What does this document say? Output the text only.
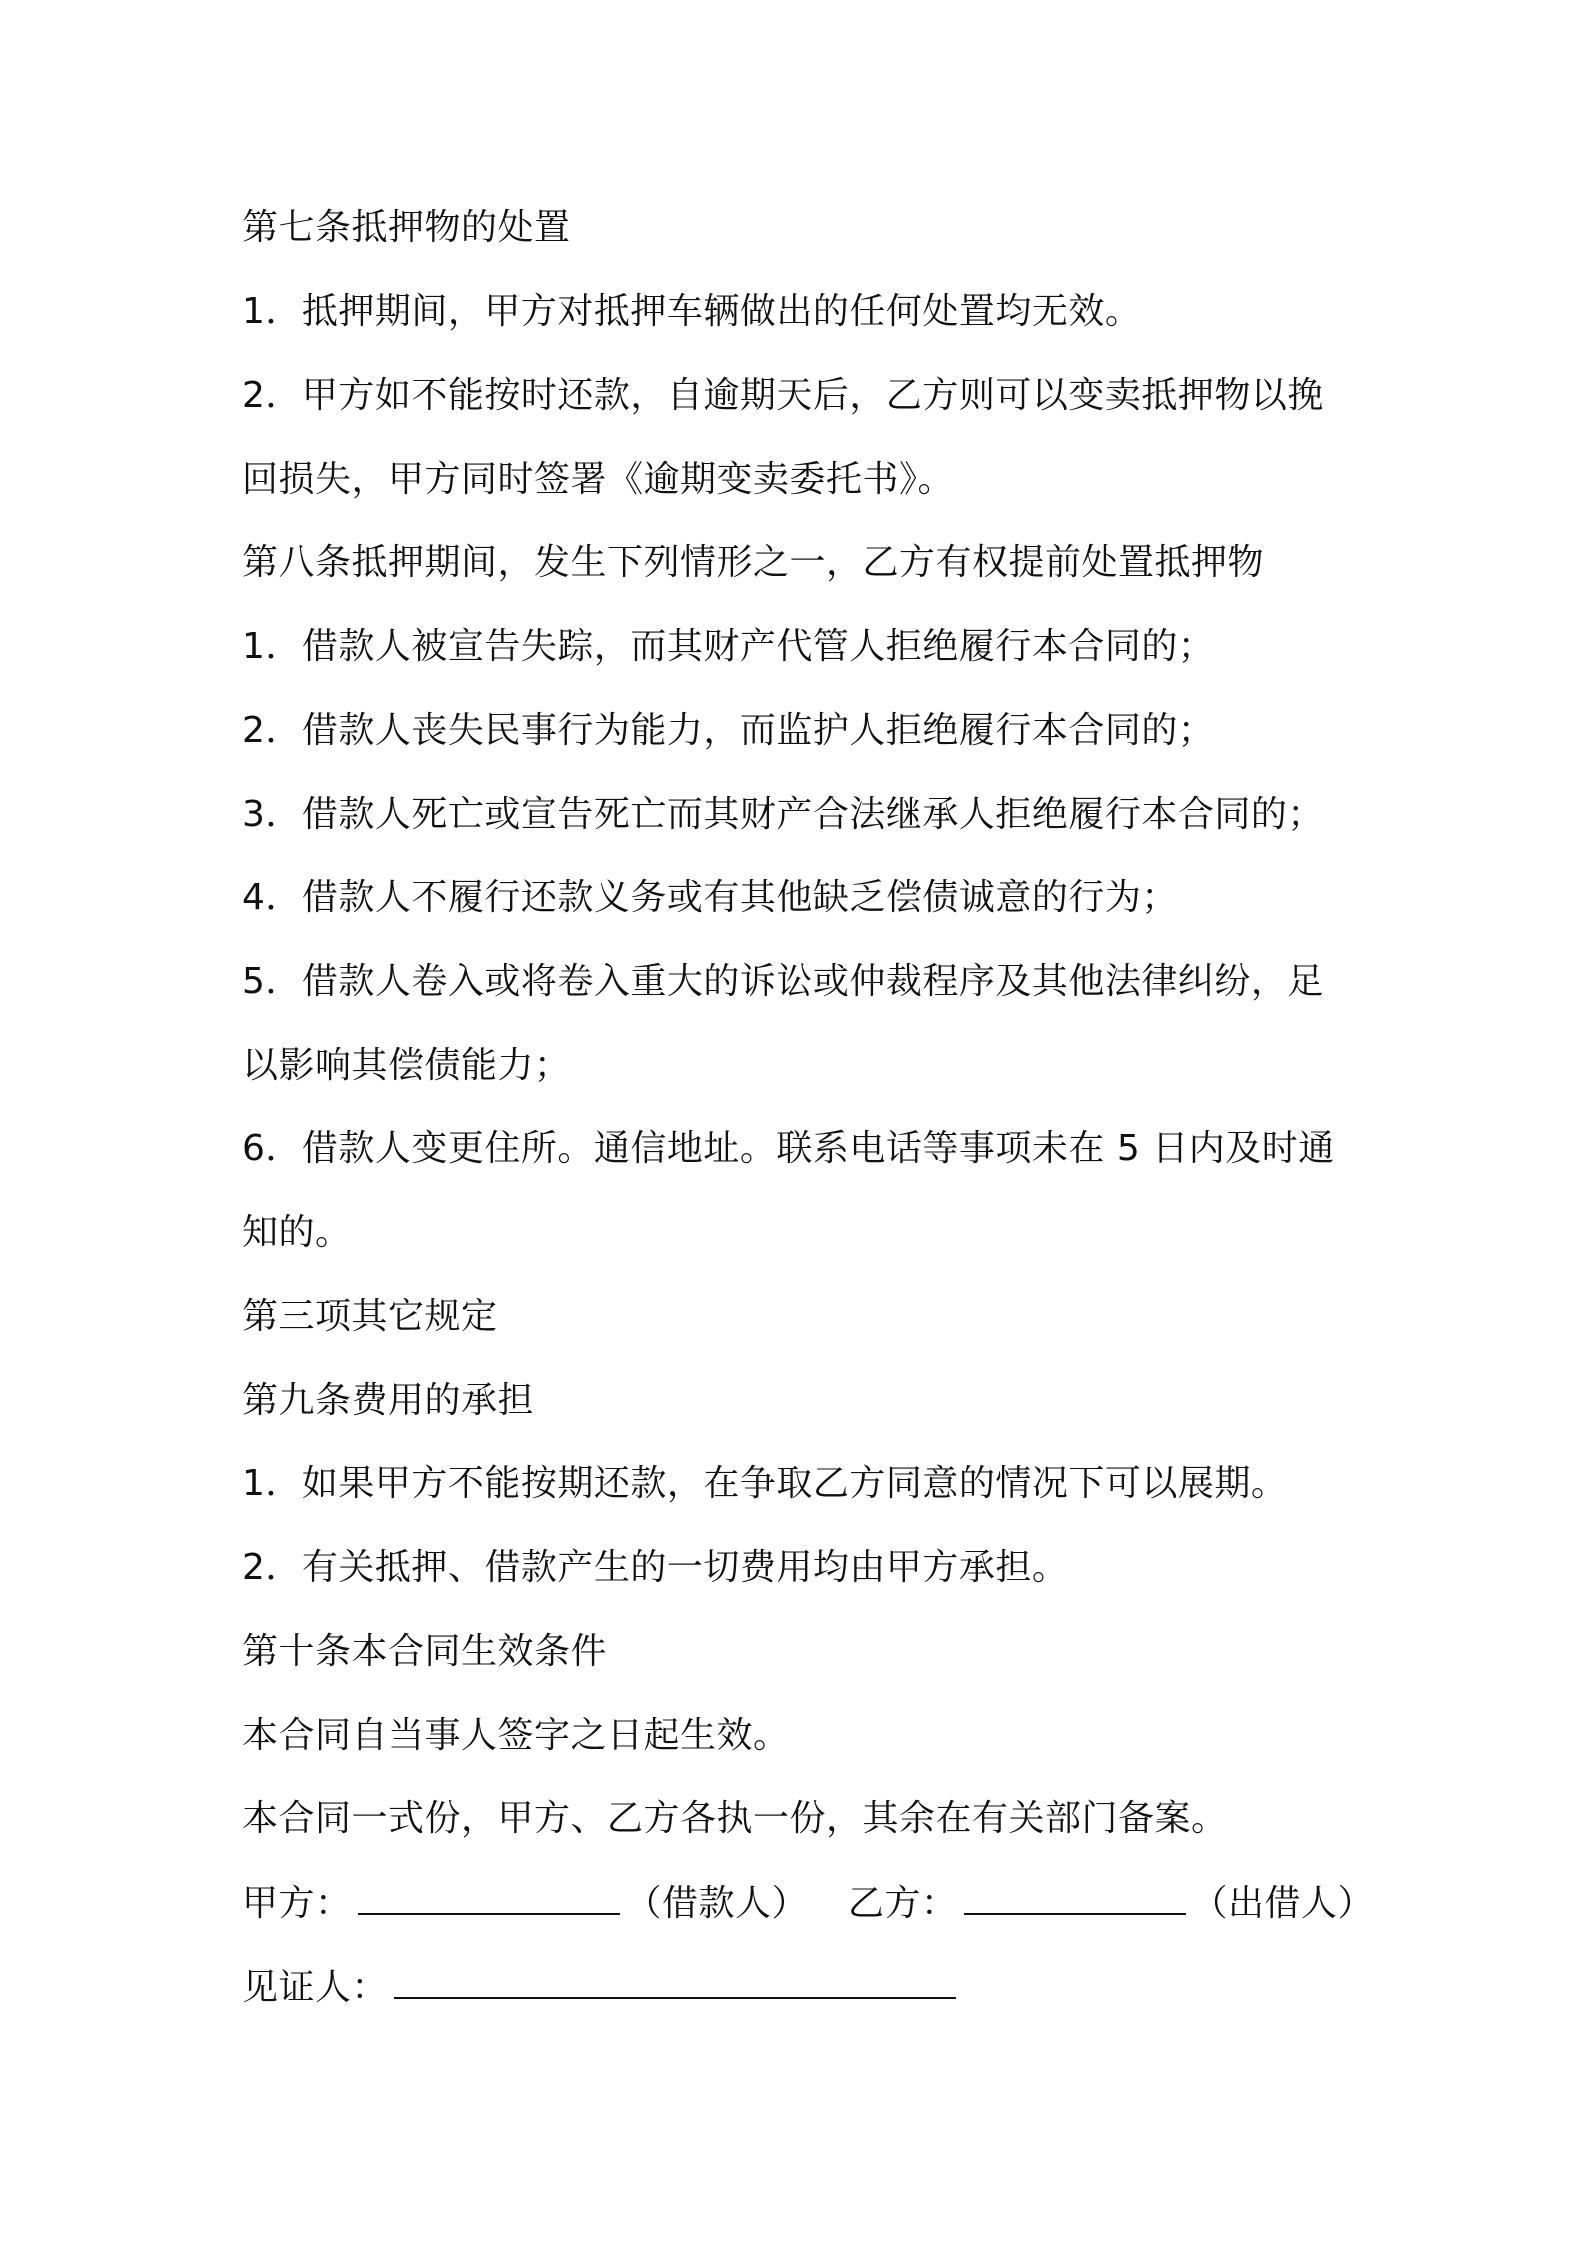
第七条抵押物的处置
1．抵押期间，甲方对抵押车辆做出的任何处置均无效。
2．甲方如不能按时还款，自逾期天后，乙方则可以变卖抵押物以挽
回损失，甲方同时签署《逾期变卖委托书》。
第八条抵押期间，发生下列情形之一，乙方有权提前处置抵押物
1．借款人被宣告失踪，而其财产代管人拒绝履行本合同的；
2．借款人丧失民事行为能力，而监护人拒绝履行本合同的；
3．借款人死亡或宣告死亡而其财产合法继承人拒绝履行本合同的；
4．借款人不履行还款义务或有其他缺乏偿债诚意的行为；
5．借款人卷入或将卷入重大的诉讼或仲裁程序及其他法律纠纷，足
以影响其偿债能力；
6．借款人变更住所。通信地址。联系电话等事项未在 5 日内及时通
知的。
第三项其它规定
第九条费用的承担
1．如果甲方不能按期还款，在争取乙方同意的情况下可以展期。
2．有关抵押、借款产生的一切费用均由甲方承担。
第十条本合同生效条件
本合同自当事人签字之日起生效。
本合同一式份，甲方、乙方各执一份，其余在有关部门备案。
甲方：	（借款人） 乙方：	（出借人）
见证人：
